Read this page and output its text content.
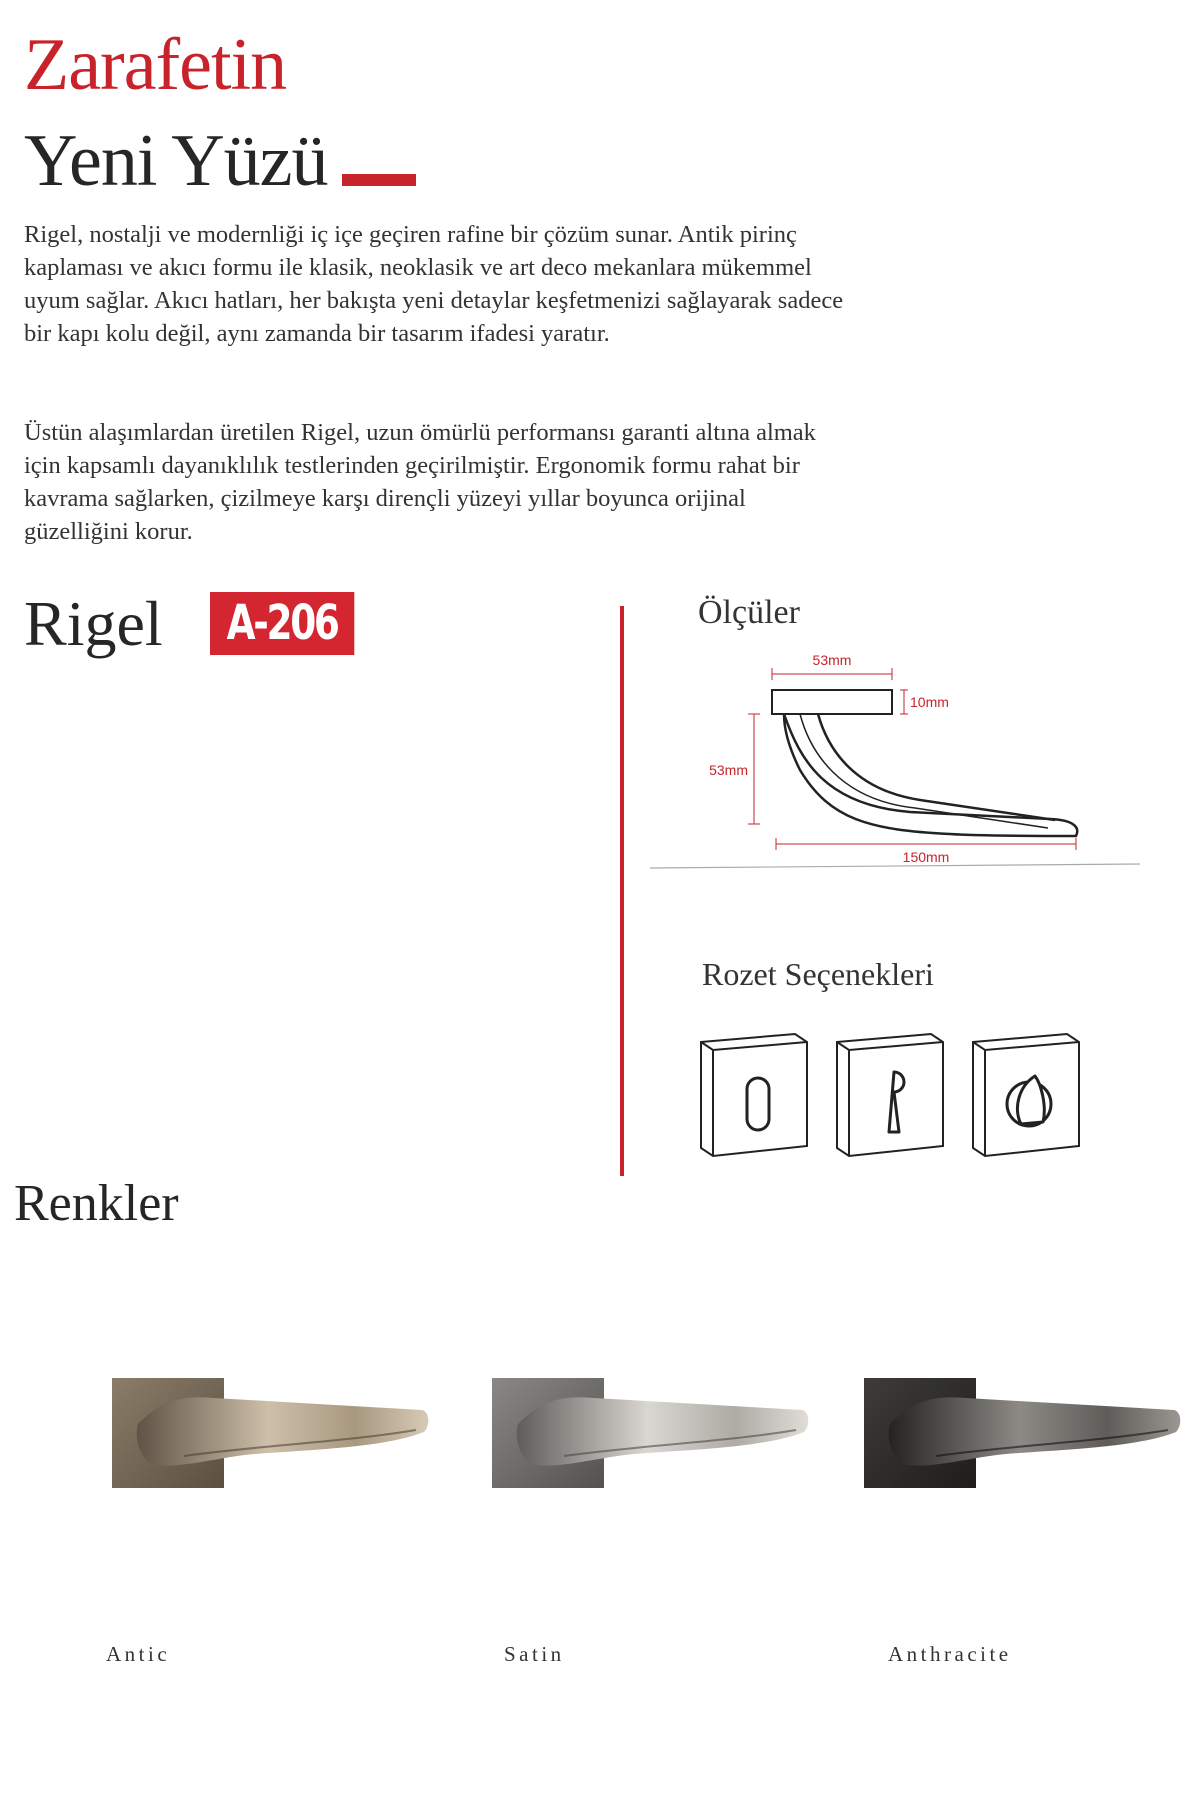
Zarafetin
Yeni Yüzü

Rigel, nostalji ve modernliği iç içe geçiren rafine bir çözüm sunar. Antik pirinç kaplaması ve akıcı formu ile klasik, neoklasik ve art deco mekanlara mükemmel uyum sağlar. Akıcı hatları, her bakışta yeni detaylar keşfetmenizi sağlayarak sadece bir kapı kolu değil, aynı zamanda bir tasarım ifadesi yaratır.

Üstün alaşımlardan üretilen Rigel, uzun ömürlü performansı garanti altına almak için kapsamlı dayanıklılık testlerinden geçirilmiştir. Ergonomik formu rahat bir kavrama sağlarken, çizilmeye karşı dirençli yüzeyi yıllar boyunca orijinal güzelliğini korur.

Rigel	A-206	Ölçüler
53mm
10mm
53mm
150mm
Rozet Seçenekleri
Renkler
Antic	Satin	Anthracite
